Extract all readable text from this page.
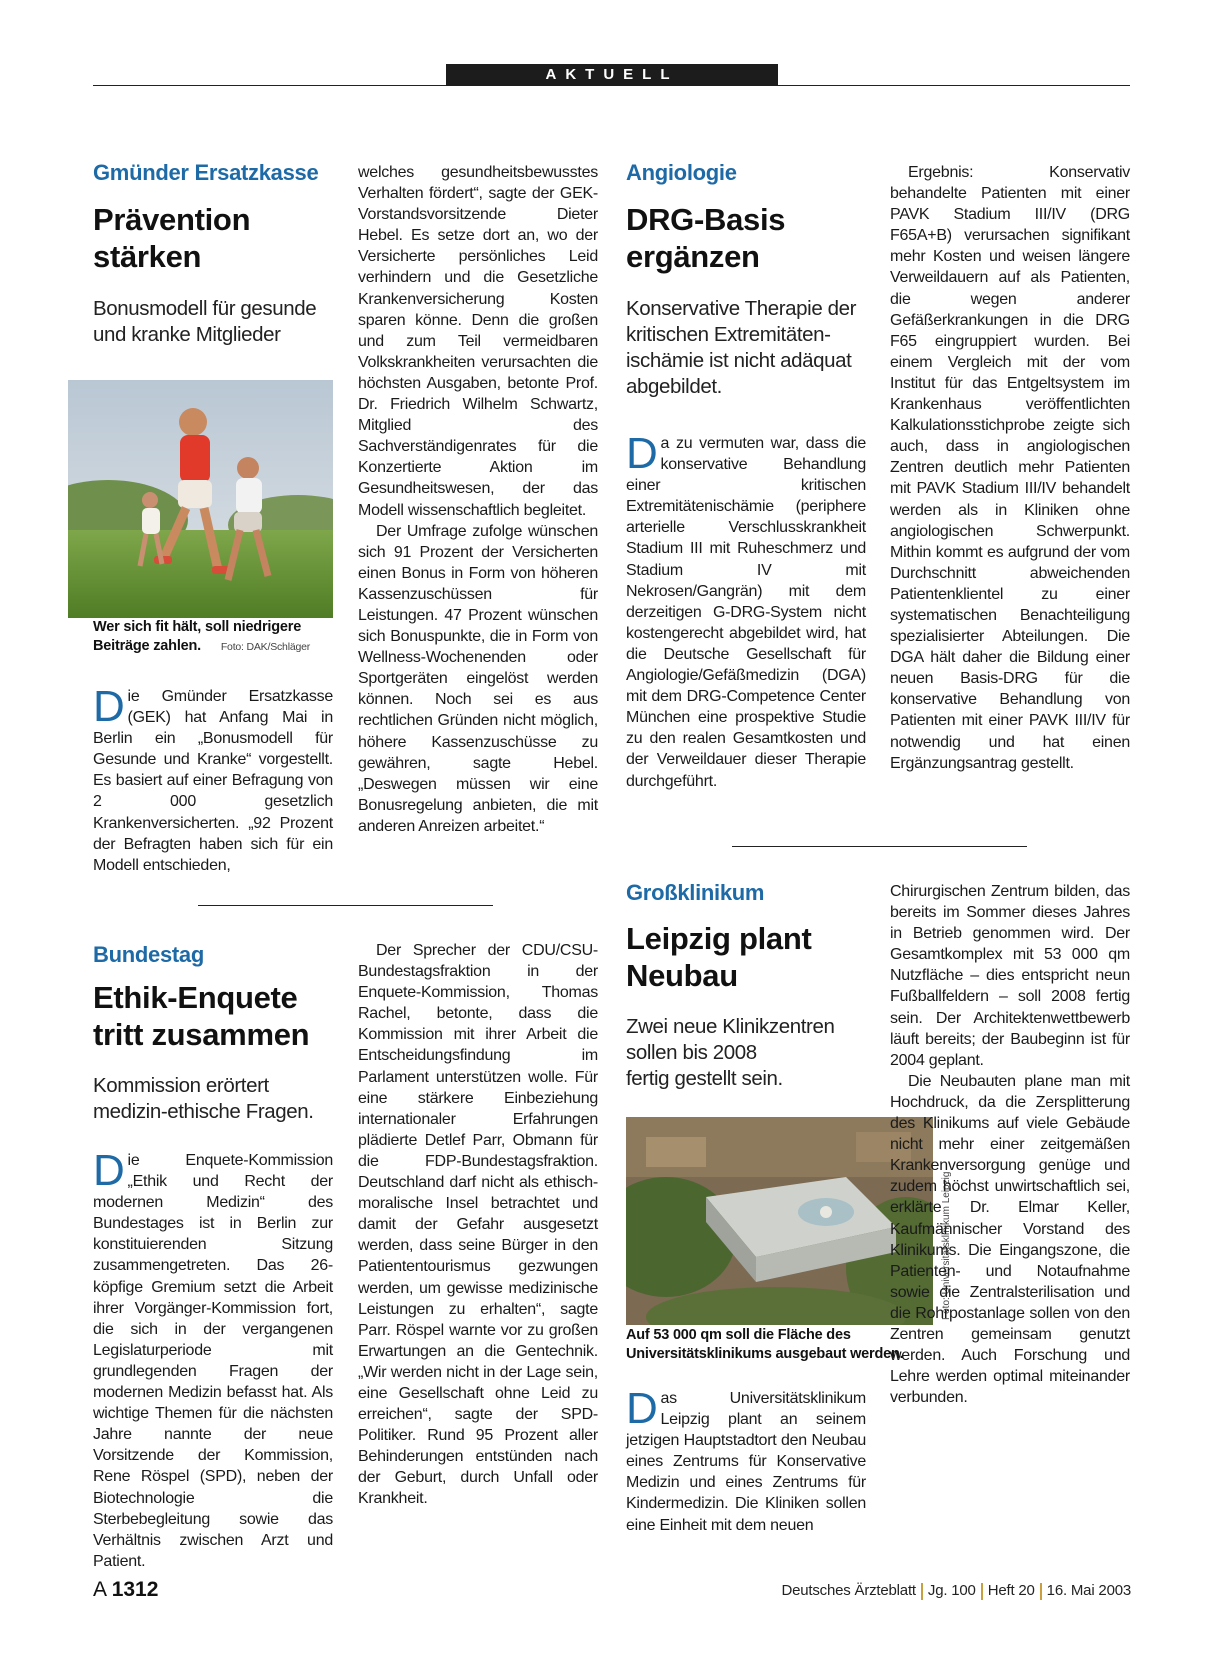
AKTUELL
Gmünder Ersatzkasse
Prävention
stärken
Bonusmodell für gesunde
und kranke Mitglieder
Wer sich fit hält, soll niedrigere Beiträge zahlen. Foto: DAK/Schläger

Die Gmünder Ersatzkasse (GEK) hat Anfang Mai in Berlin ein „Bonusmodell für Gesunde und Kranke“ vorgestellt. Es basiert auf einer Befragung von 2 000 gesetzlich Krankenversicherten. „92 Prozent der Befragten haben sich für ein Modell entschieden,

welches gesundheitsbewusstes Verhalten fördert“, sagte der GEK-Vorstandsvorsitzende Dieter Hebel. Es setze dort an, wo der Versicherte persönliches Leid verhindern und die Gesetzliche Krankenversicherung Kosten sparen könne. Denn die großen und zum Teil vermeidbaren Volkskrankheiten verursachten die höchsten Ausgaben, betonte Prof. Dr. Friedrich Wilhelm Schwartz, Mitglied des Sachverständigenrates für die Konzertierte Aktion im Gesundheitswesen, der das Modell wissenschaftlich begleitet.

Der Umfrage zufolge wünschen sich 91 Prozent der Versicherten einen Bonus in Form von höheren Kassenzuschüssen für Leistungen. 47 Prozent wünschen sich Bonuspunkte, die in Form von Wellness-Wochenenden oder Sportgeräten eingelöst werden können. Noch sei es aus rechtlichen Gründen nicht möglich, höhere Kassenzuschüsse zu gewähren, sagte Hebel. „Deswegen müssen wir eine Bonusregelung anbieten, die mit anderen Anreizen arbeitet.“

Bundestag
Ethik-Enquete
tritt zusammen
Kommission erörtert
medizin-ethische Fragen.

Die Enquete-Kommission „Ethik und Recht der modernen Medizin“ des Bundestages ist in Berlin zur konstituierenden Sitzung zusammengetreten. Das 26-köpfige Gremium setzt die Arbeit ihrer Vorgänger-Kommission fort, die sich in der vergangenen Legislaturperiode mit grundlegenden Fragen der modernen Medizin befasst hat. Als wichtige Themen für die nächsten Jahre nannte der neue Vorsitzende der Kommission, Rene Röspel (SPD), neben der Biotechnologie die Sterbebegleitung sowie das Verhältnis zwischen Arzt und Patient.

Der Sprecher der CDU/CSU-Bundestagsfraktion in der Enquete-Kommission, Thomas Rachel, betonte, dass die Kommission mit ihrer Arbeit die Entscheidungsfindung im Parlament unterstützen wolle. Für eine stärkere Einbeziehung internationaler Erfahrungen plädierte Detlef Parr, Obmann für die FDP-Bundestagsfraktion. Deutschland darf nicht als ethisch-moralische Insel betrachtet und damit der Gefahr ausgesetzt werden, dass seine Bürger in den Patiententourismus gezwungen werden, um gewisse medizinische Leistungen zu erhalten“, sagte Parr. Röspel warnte vor zu großen Erwartungen an die Gentechnik. „Wir werden nicht in der Lage sein, eine Gesellschaft ohne Leid zu erreichen“, sagte der SPD-Politiker. Rund 95 Prozent aller Behinderungen entstünden nach der Geburt, durch Unfall oder Krankheit.

Angiologie
DRG-Basis
ergänzen
Konservative Therapie der
kritischen Extremitäten-
ischämie ist nicht adäquat
abgebildet.

Da zu vermuten war, dass die konservative Behandlung einer kritischen Extremitätenischämie (periphere arterielle Verschlusskrankheit Stadium III mit Ruheschmerz und Stadium IV mit Nekrosen/Gangrän) mit dem derzeitigen G-DRG-System nicht kostengerecht abgebildet wird, hat die Deutsche Gesellschaft für Angiologie/Gefäßmedizin (DGA) mit dem DRG-Competence Center München eine prospektive Studie zu den realen Gesamtkosten und der Verweildauer dieser Therapie durchgeführt.

Ergebnis: Konservativ behandelte Patienten mit einer PAVK Stadium III/IV (DRG F65A+B) verursachen signifikant mehr Kosten und weisen längere Verweildauern auf als Patienten, die wegen anderer Gefäßerkrankungen in die DRG F65 eingruppiert wurden. Bei einem Vergleich mit der vom Institut für das Entgeltsystem im Krankenhaus veröffentlichten Kalkulationsstichprobe zeigte sich auch, dass in angiologischen Zentren deutlich mehr Patienten mit PAVK Stadium III/IV behandelt werden als in Kliniken ohne angiologischen Schwerpunkt. Mithin kommt es aufgrund der vom Durchschnitt abweichenden Patientenklientel zu einer systematischen Benachteiligung spezialisierter Abteilungen. Die DGA hält daher die Bildung einer neuen Basis-DRG für die konservative Behandlung von Patienten mit einer PAVK III/IV für notwendig und hat einen Ergänzungsantrag gestellt.

Großklinikum
Leipzig plant
Neubau
Zwei neue Klinikzentren
sollen bis 2008
fertig gestellt sein.
Foto: Universitätsklinikum Leipzig
Auf 53 000 qm soll die Fläche des Universitätsklinikums ausgebaut werden.

Das Universitätsklinikum Leipzig plant an seinem jetzigen Hauptstadtort den Neubau eines Zentrums für Konservative Medizin und eines Zentrums für Kindermedizin. Die Kliniken sollen eine Einheit mit dem neuen

Chirurgischen Zentrum bilden, das bereits im Sommer dieses Jahres in Betrieb genommen wird. Der Gesamtkomplex mit 53 000 qm Nutzfläche – dies entspricht neun Fußballfeldern – soll 2008 fertig sein. Der Architektenwettbewerb läuft bereits; der Baubeginn ist für 2004 geplant.

Die Neubauten plane man mit Hochdruck, da die Zersplitterung des Klinikums auf viele Gebäude nicht mehr einer zeitgemäßen Krankenversorgung genüge und zudem höchst unwirtschaftlich sei, erklärte Dr. Elmar Keller, Kaufmännischer Vorstand des Klinikums. Die Eingangszone, die Patienten- und Notaufnahme sowie die Zentralsterilisation und die Rohrpostanlage sollen von den Zentren gemeinsam genutzt werden. Auch Forschung und Lehre werden optimal miteinander verbunden.

A 1312	Deutsches Ärzteblatt Jg. 100 Heft 20 16. Mai 2003
